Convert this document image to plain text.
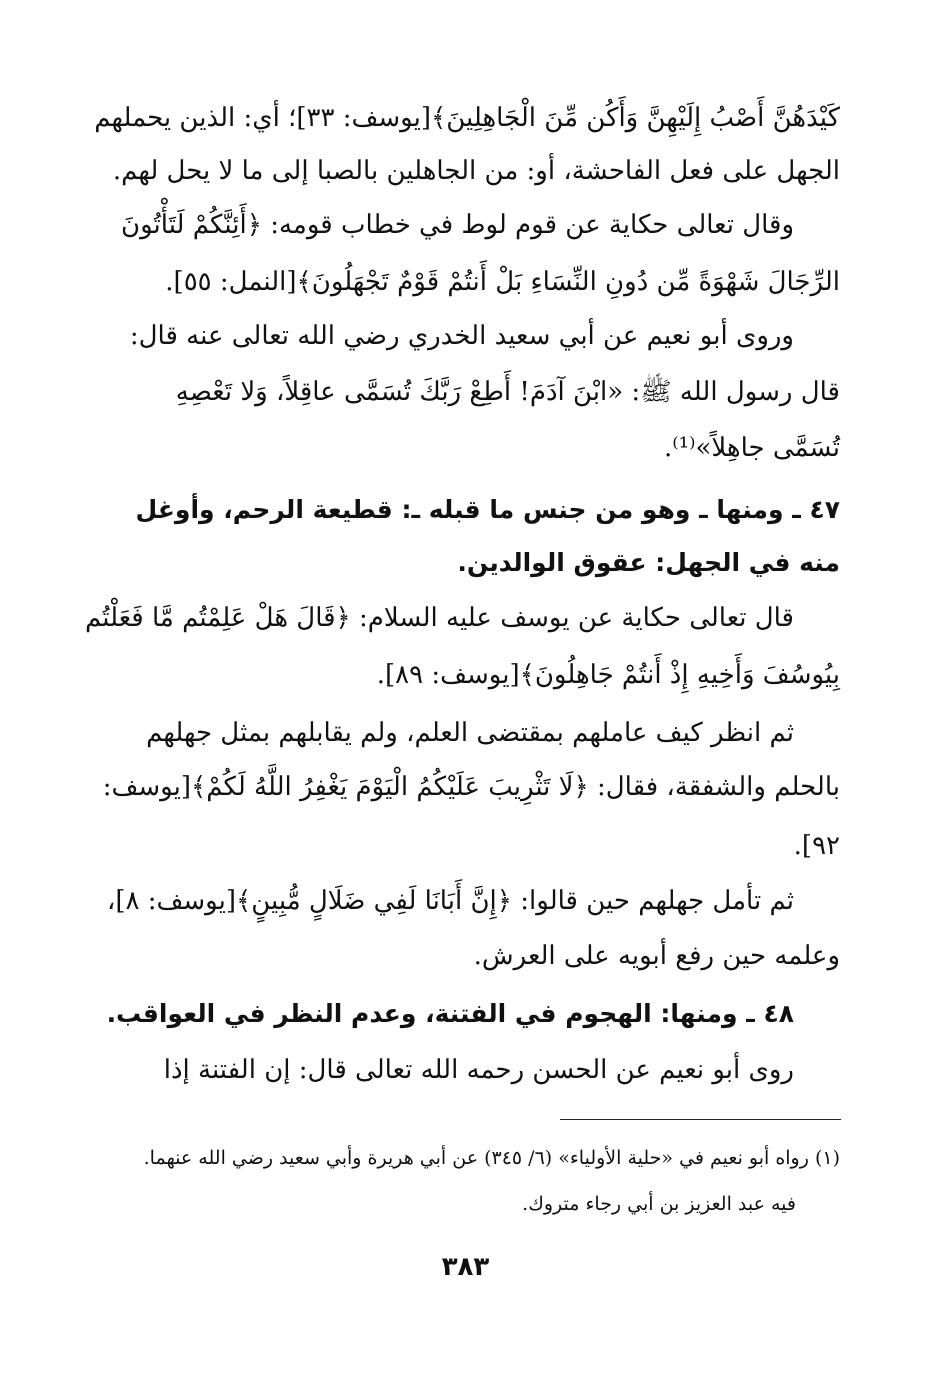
كَيْدَهُنَّ أَصْبُ إِلَيْهِنَّ وَأَكُن مِّنَ الْجَاهِلِينَ﴾[يوسف: ٣٣]؛ أي: الذين يحملهم
الجهل على فعل الفاحشة، أو: من الجاهلين بالصبا إلى ما لا يحل لهم.
وقال تعالى حكاية عن قوم لوط في خطاب قومه: ﴿أَئِنَّكُمْ لَتَأْتُونَ
الرِّجَالَ شَهْوَةً مِّن دُونِ النِّسَاءِ بَلْ أَنتُمْ قَوْمٌ تَجْهَلُونَ﴾[النمل: ٥٥].
وروى أبو نعيم عن أبي سعيد الخدري رضي الله تعالى عنه قال:
قال رسول الله ﷺ: «ابْنَ آدَمَ! أَطِعْ رَبَّكَ تُسَمَّى عاقِلاً، وَلا تَعْصِهِ
تُسَمَّى جاهِلاً»⁽¹⁾.
٤٧ ـ ومنها ـ وهو من جنس ما قبله ـ: قطيعة الرحم، وأوغل
منه في الجهل: عقوق الوالدين.
قال تعالى حكاية عن يوسف عليه السلام: ﴿قَالَ هَلْ عَلِمْتُم مَّا فَعَلْتُم
بِيُوسُفَ وَأَخِيهِ إِذْ أَنتُمْ جَاهِلُونَ﴾[يوسف: ٨٩].
ثم انظر كيف عاملهم بمقتضى العلم، ولم يقابلهم بمثل جهلهم
بالحلم والشفقة، فقال: ﴿لَا تَثْرِيبَ عَلَيْكُمُ الْيَوْمَ يَغْفِرُ اللَّهُ لَكُمْ﴾[يوسف:
٩٢].
ثم تأمل جهلهم حين قالوا: ﴿إِنَّ أَبَانَا لَفِي ضَلَالٍ مُّبِينٍ﴾[يوسف: ٨]،
وعلمه حين رفع أبويه على العرش.
٤٨ ـ ومنها: الهجوم في الفتنة، وعدم النظر في العواقب.
روى أبو نعيم عن الحسن رحمه الله تعالى قال: إن الفتنة إذا
(١) رواه أبو نعيم في «حلية الأولياء» (٦/ ٣٤٥) عن أبي هريرة وأبي سعيد رضي الله عنهما.
فيه عبد العزيز بن أبي رجاء متروك.
٣٨٣
